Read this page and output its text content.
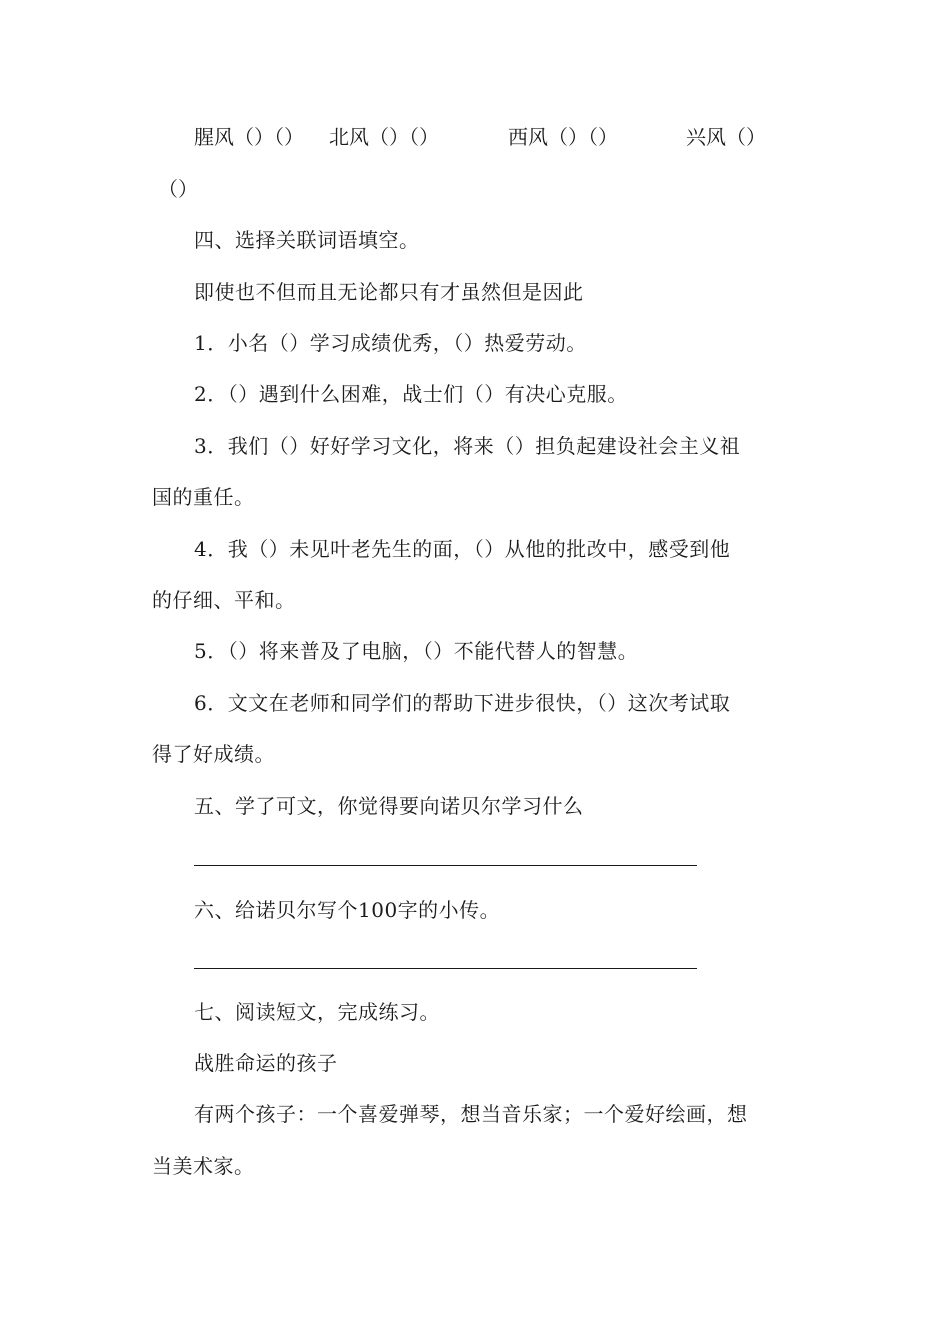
腥风（）（） 北风（）（）	西风（）（）	兴风（）
（）
四、选择关联词语填空。
即使也不但而且无论都只有才虽然但是因此
1．小名（）学习成绩优秀，（）热爱劳动。
2．（）遇到什么困难，战士们（）有决心克服。
3．我们（）好好学习文化，将来（）担负起建设社会主义祖
国的重任。
4．我（）未见叶老先生的面，（）从他的批改中，感受到他
的仔细、平和。
5．（）将来普及了电脑，（）不能代替人的智慧。
6．文文在老师和同学们的帮助下进步很快，（）这次考试取
得了好成绩。
五、学了可文，你觉得要向诺贝尔学习什么
六、给诺贝尔写个100字的小传。
七、阅读短文，完成练习。
战胜命运的孩子
有两个孩子：一个喜爱弹琴，想当音乐家；一个爱好绘画，想
当美术家。
